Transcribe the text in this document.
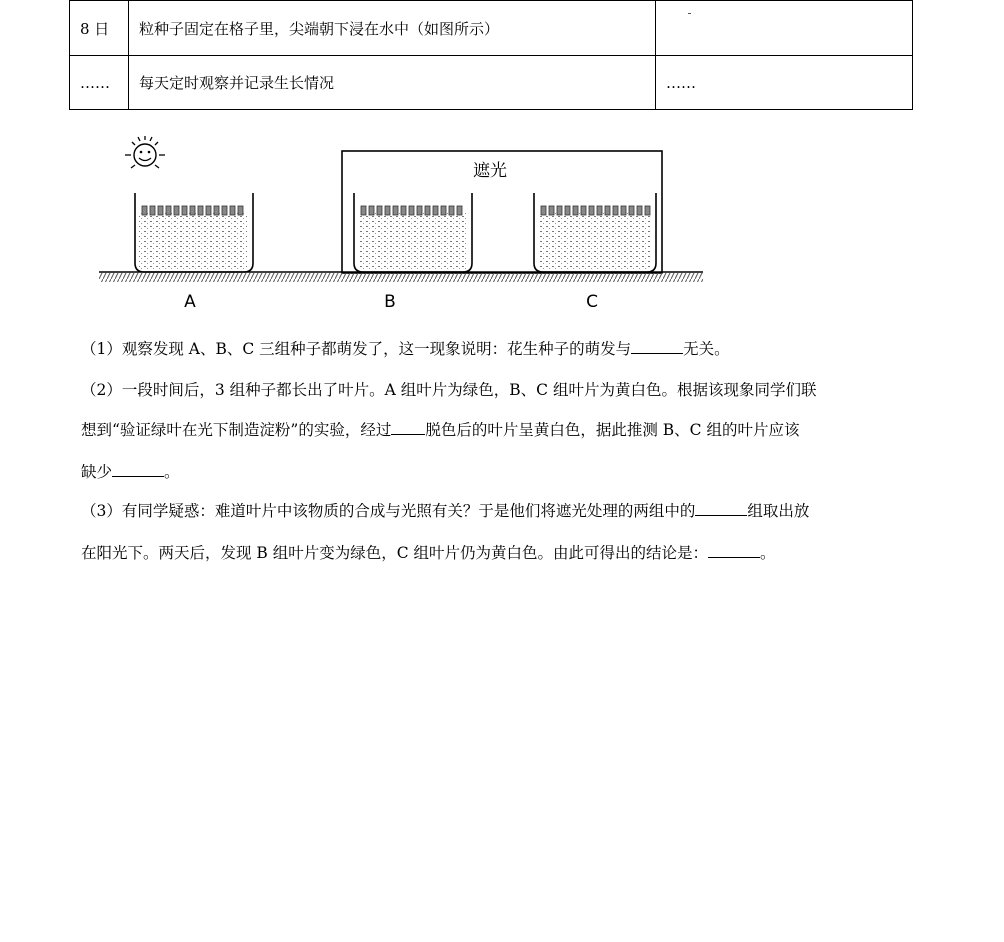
8 日	粒种子固定在格子里，尖端朝下浸在水中（如图所示）	
……	每天定时观察并记录生长情况	……
遮光
A	B	C
（1）观察发现 A、B、C 三组种子都萌发了，这一现象说明：花生种子的萌发与	无关。
（2）一段时间后，3 组种子都长出了叶片。A 组叶片为绿色，B、C 组叶片为黄白色。根据该现象同学们联
想到“验证绿叶在光下制造淀粉”的实验，经过 脱色后的叶片呈黄白色，据此推测 B、C 组的叶片应该
缺少	。
（3）有同学疑惑：难道叶片中该物质的合成与光照有关？于是他们将遮光处理的两组中的	组取出放
在阳光下。两天后，发现 B 组叶片变为绿色，C 组叶片仍为黄白色。由此可得出的结论是：	。
